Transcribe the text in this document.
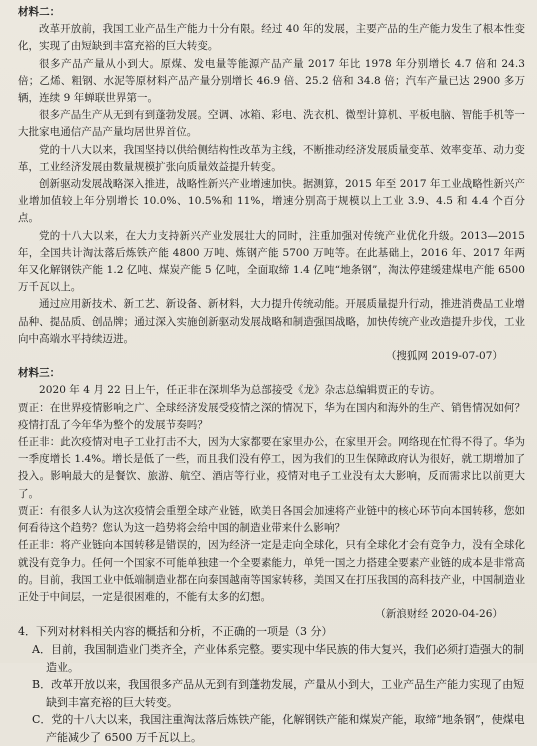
材料二：

改革开放前，我国工业产品生产能力十分有限。经过 40 年的发展，主要产品的生产能力发生了根本性变化，实现了由短缺到丰富充裕的巨大转变。

很多产品产量从小到大。原煤、发电量等能源产品产量 2017 年比 1978 年分别增长 4.7 倍和 24.3 倍；乙烯、粗钢、水泥等原材料产品产量分别增长 46.9 倍、25.2 倍和 34.8 倍；汽车产量已达 2900 多万辆，连续 9 年蝉联世界第一。

很多产品生产从无到有到蓬勃发展。空调、冰箱、彩电、洗衣机、微型计算机、平板电脑、智能手机等一大批家电通信产品产量均居世界首位。

党的十八大以来，我国坚持以供给侧结构性改革为主线，不断推动经济发展质量变革、效率变革、动力变革，工业经济发展由数量规模扩张向质量效益提升转变。

创新驱动发展战略深入推进，战略性新兴产业增速加快。据测算，2015 年至 2017 年工业战略性新兴产业增加值较上年分别增长 10.0%、10.5%和 11%，增速分别高于规模以上工业 3.9、4.5 和 4.4 个百分点。

党的十八大以来，在大力支持新兴产业发展壮大的同时，注重加强对传统产业优化升级。2013—2015年，全国共计淘汰落后炼铁产能 4800 万吨、炼钢产能 5700 万吨等。在此基础上，2016 年、2017 年两年又化解钢铁产能 1.2 亿吨、煤炭产能 5 亿吨，全面取缔 1.4 亿吨“地条钢”，淘汰停建缓建煤电产能 6500 万千瓦以上。

通过应用新技术、新工艺、新设备、新材料，大力提升传统动能。开展质量提升行动，推进消费品工业增品种、提品质、创品牌；通过深入实施创新驱动发展战略和制造强国战略，加快传统产业改造提升步伐，工业向中高端水平持续迈进。

（搜狐网 2019-07-07）

材料三：

2020 年 4 月 22 日上午，任正非在深圳华为总部接受《龙》杂志总编辑贾正的专访。

贾正：在世界疫情影响之广、全球经济发展受疫情之深的情况下，华为在国内和海外的生产、销售情况如何？疫情打乱了今年华为整个的发展节奏吗？

任正非：此次疫情对电子工业打击不大，因为大家都要在家里办公，在家里开会。网络现在忙得不得了。华为一季度增长 1.4%。增长是低了一些，而且我们没有停工，因为我们的卫生保障政府认为很好，就工期增加了投入。影响最大的是餐饮、旅游、航空、酒店等行业，疫情对电子工业没有太大影响，反而需求比以前更大了。

贾正：有很多人认为这次疫情会重塑全球产业链，欧美日各国会加速将产业链中的核心环节向本国转移，您如何看待这个趋势？您认为这一趋势将会给中国的制造业带来什么影响？

任正非：将产业链向本国转移是错误的，因为经济一定是走向全球化，只有全球化才会有竞争力，没有全球化就没有竞争力。任何一个国家不可能单独建一个全要素能力，单凭一国之力搭建全要素产业链的成本是非常高的。目前，我国工业中低端制造业都在向泰国越南等国家转移，美国又在打压我国的高科技产业，中国制造业正处于中间层，一定是很困难的，不能有太多的幻想。

（新浪财经 2020-04-26）

4．下列对材料相关内容的概括和分析，不正确的一项是（3 分）

A．目前，我国制造业门类齐全，产业体系完整。要实现中华民族的伟大复兴，我们必须打造强大的制造业。

B．改革开放以来，我国很多产品从无到有到蓬勃发展，产量从小到大，工业产品生产能力实现了由短缺到丰富充裕的巨大转变。

C．党的十八大以来，我国注重淘汰落后炼铁产能，化解钢铁产能和煤炭产能，取缔“地条钢”，使煤电产能减少了 6500 万千瓦以上。
